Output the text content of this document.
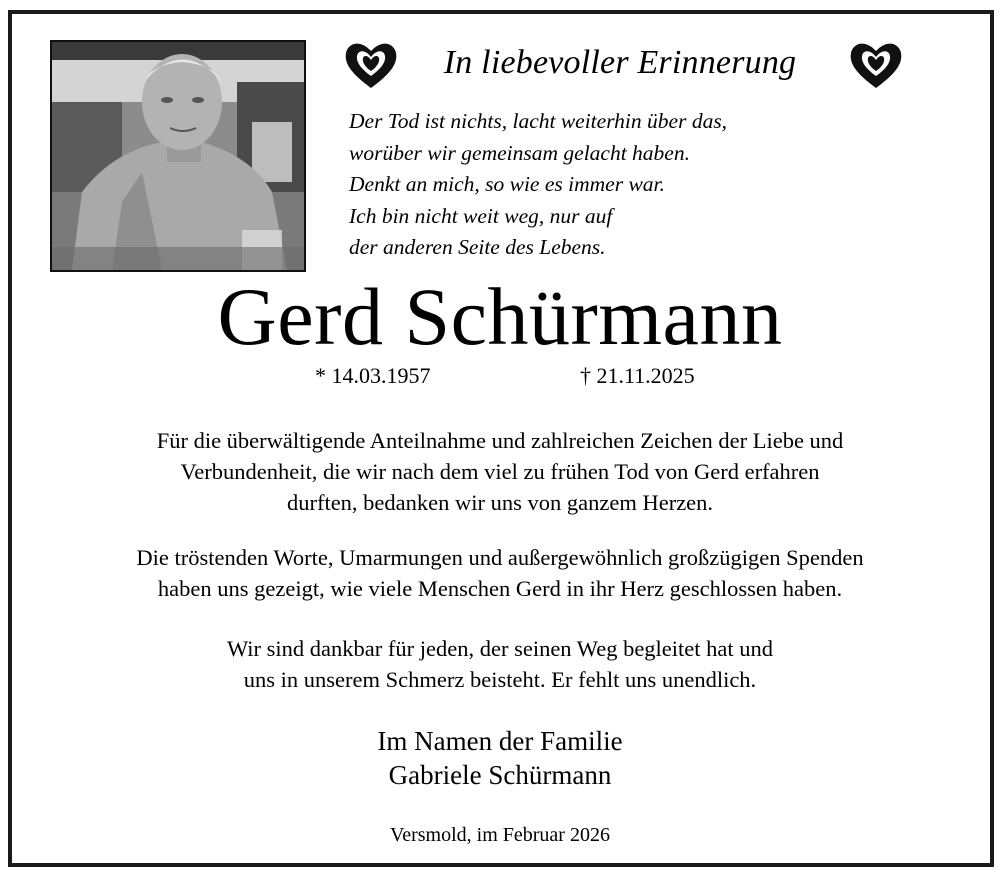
In liebevoller Erinnerung
Der Tod ist nichts, lacht weiterhin über das,
worüber wir gemeinsam gelacht haben.
Denkt an mich, so wie es immer war.
Ich bin nicht weit weg, nur auf
der anderen Seite des Lebens.
Gerd Schürmann
* 14.03.1957	† 21.11.2025
Für die überwältigende Anteilnahme und zahlreichen Zeichen der Liebe und
Verbundenheit, die wir nach dem viel zu frühen Tod von Gerd erfahren
durften, bedanken wir uns von ganzem Herzen.
Die tröstenden Worte, Umarmungen und außergewöhnlich großzügigen Spenden
haben uns gezeigt, wie viele Menschen Gerd in ihr Herz geschlossen haben.
Wir sind dankbar für jeden, der seinen Weg begleitet hat und
uns in unserem Schmerz beisteht. Er fehlt uns unendlich.
Im Namen der Familie
Gabriele Schürmann
Versmold, im Februar 2026
